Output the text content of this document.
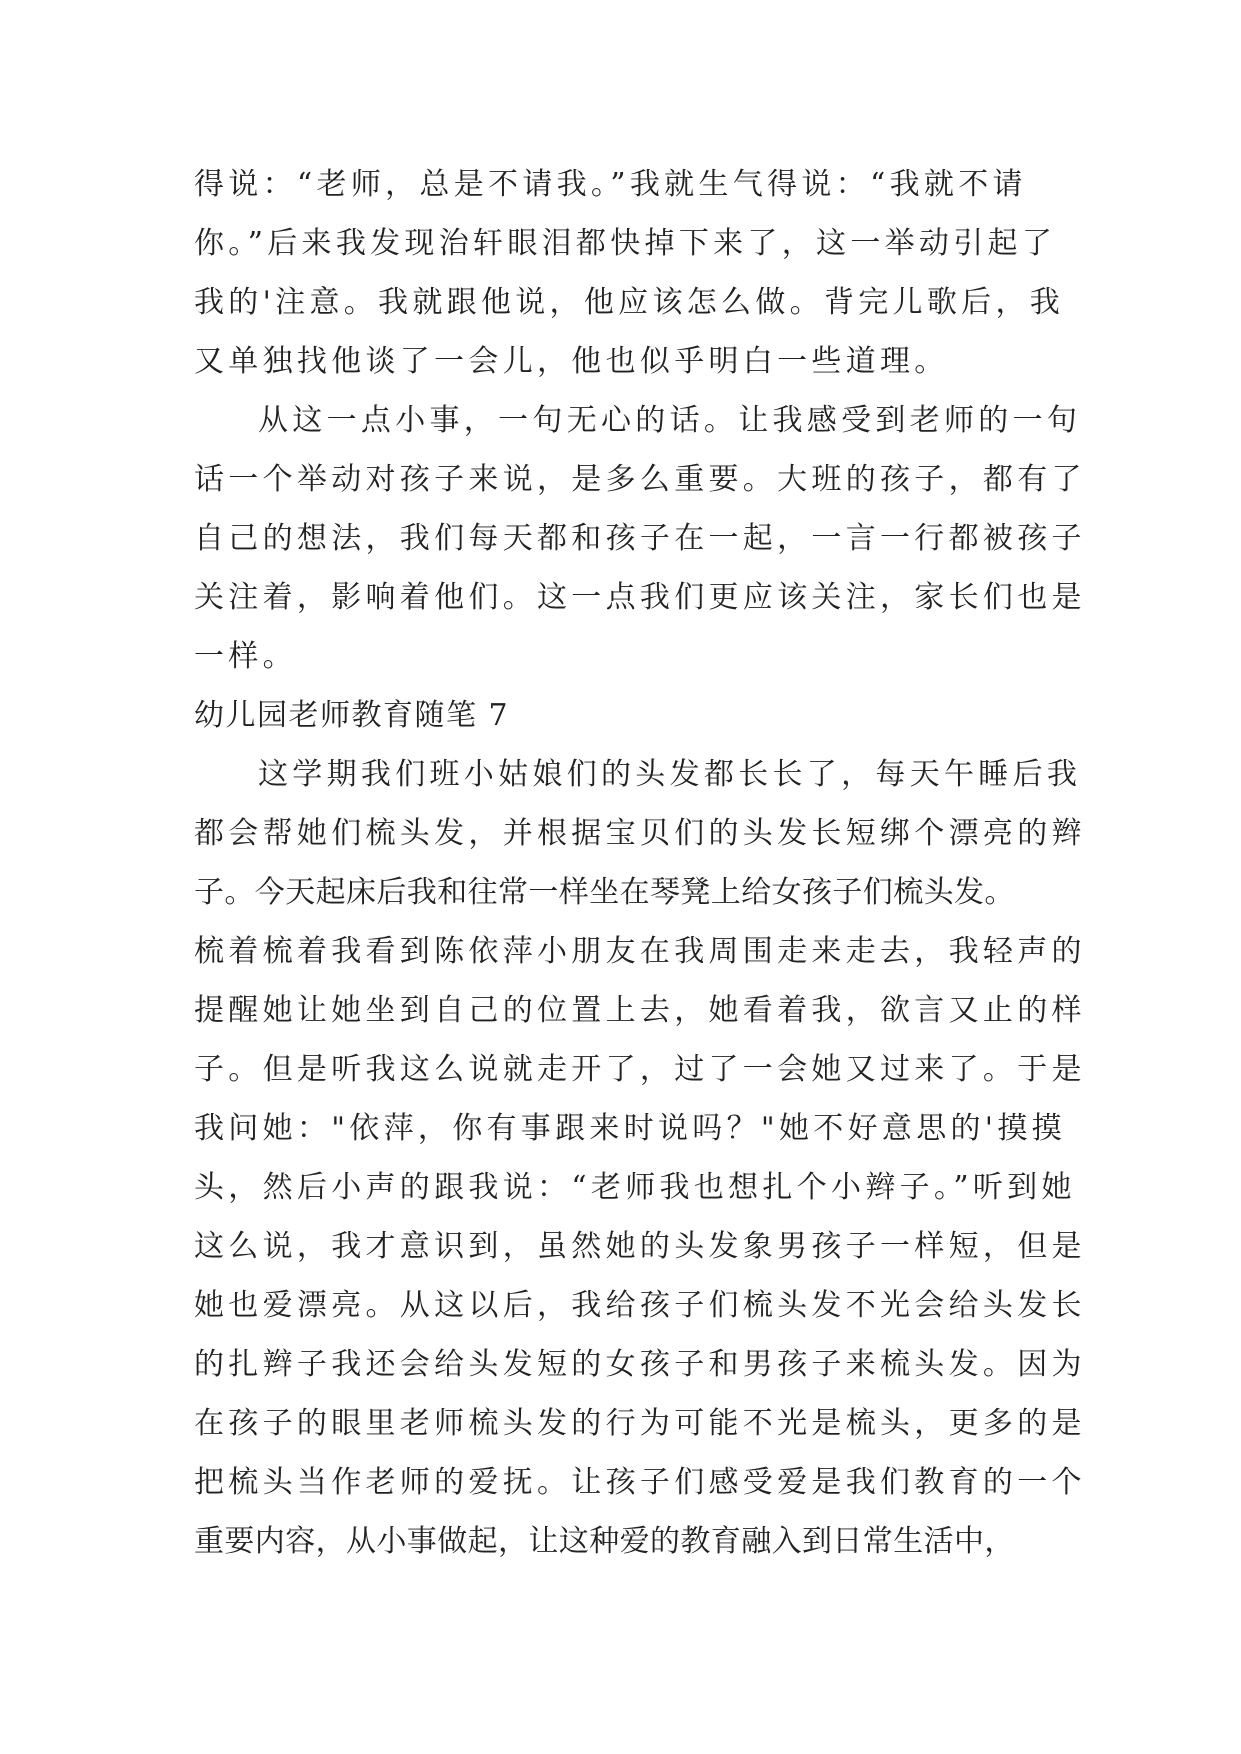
得说：“老师，总是不请我。”我就生气得说：“我就不请
你。”后来我发现治轩眼泪都快掉下来了，这一举动引起了
我的'注意。我就跟他说，他应该怎么做。背完儿歌后，我
又单独找他谈了一会儿，他也似乎明白一些道理。
从这一点小事，一句无心的话。让我感受到老师的一句
话一个举动对孩子来说，是多么重要。大班的孩子，都有了
自己的想法，我们每天都和孩子在一起，一言一行都被孩子
关注着，影响着他们。这一点我们更应该关注，家长们也是
一样。
幼儿园老师教育随笔 7
这学期我们班小姑娘们的头发都长长了，每天午睡后我
都会帮她们梳头发，并根据宝贝们的头发长短绑个漂亮的辫
子。今天起床后我和往常一样坐在琴凳上给女孩子们梳头发。
梳着梳着我看到陈依萍小朋友在我周围走来走去，我轻声的
提醒她让她坐到自己的位置上去，她看着我，欲言又止的样
子。但是听我这么说就走开了，过了一会她又过来了。于是
我问她："依萍，你有事跟来时说吗？"她不好意思的'摸摸
头，然后小声的跟我说：“老师我也想扎个小辫子。”听到她
这么说，我才意识到，虽然她的头发象男孩子一样短，但是
她也爱漂亮。从这以后，我给孩子们梳头发不光会给头发长
的扎辫子我还会给头发短的女孩子和男孩子来梳头发。因为
在孩子的眼里老师梳头发的行为可能不光是梳头，更多的是
把梳头当作老师的爱抚。让孩子们感受爱是我们教育的一个
重要内容，从小事做起，让这种爱的教育融入到日常生活中，
